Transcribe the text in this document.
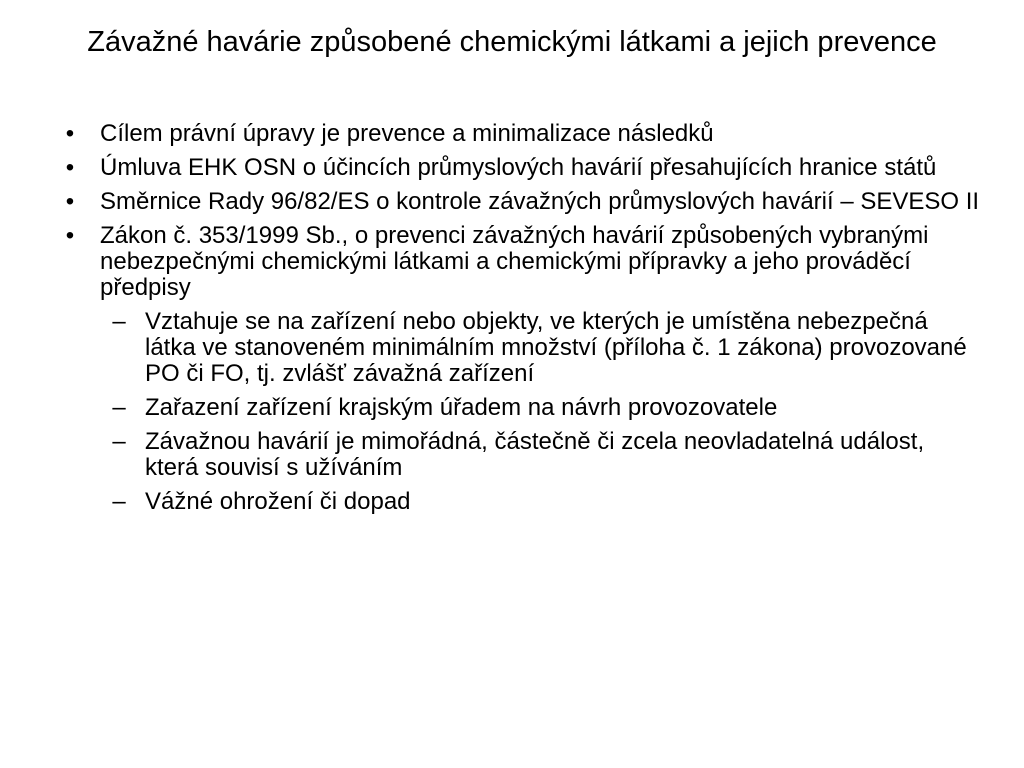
Závažné havárie způsobené chemickými látkami a jejich prevence
• Cílem právní úpravy je prevence a minimalizace následků
• Úmluva EHK OSN o účincích průmyslových havárií přesahujících hranice států
• Směrnice Rady 96/82/ES o kontrole závažných průmyslových havárií – SEVESO II
• Zákon č. 353/1999 Sb., o prevenci závažných havárií způsobených vybranými nebezpečnými chemickými látkami a chemickými přípravky a jeho prováděcí předpisy
– Vztahuje se na zařízení nebo objekty, ve kterých je umístěna nebezpečná látka ve stanoveném minimálním množství (příloha č. 1 zákona) provozované PO či FO, tj. zvlášť závažná zařízení
– Zařazení zařízení krajským úřadem na návrh provozovatele
– Závažnou havárií je mimořádná, částečně či zcela neovladatelná událost, která souvisí s užíváním
– Vážné ohrožení či dopad
